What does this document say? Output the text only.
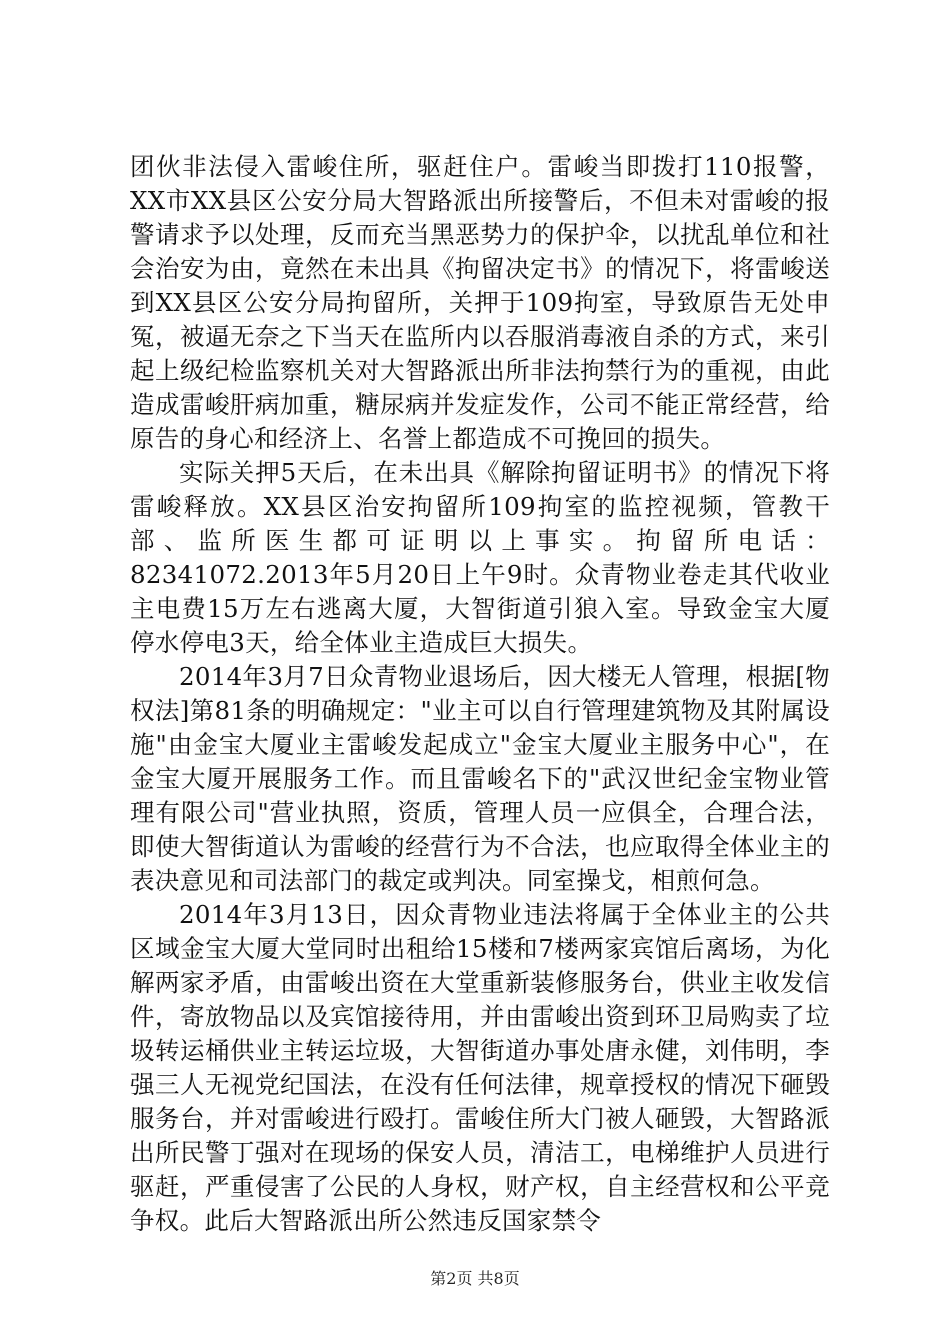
团伙非法侵入雷峻住所，驱赶住户。雷峻当即拨打110报警，XX市XX县区公安分局大智路派出所接警后，不但未对雷峻的报警请求予以处理，反而充当黑恶势力的保护伞，以扰乱单位和社会治安为由，竟然在未出具《拘留决定书》的情况下，将雷峻送到XX县区公安分局拘留所，关押于109拘室，导致原告无处申冤，被逼无奈之下当天在监所内以吞服消毒液自杀的方式，来引起上级纪检监察机关对大智路派出所非法拘禁行为的重视，由此造成雷峻肝病加重，糖尿病并发症发作，公司不能正常经营，给原告的身心和经济上、名誉上都造成不可挽回的损失。

实际关押5天后，在未出具《解除拘留证明书》的情况下将雷峻释放。XX县区治安拘留所109拘室的监控视频，管教干部、监所医生都可证明以上事实。拘留所电话：82341072.2013年5月20日上午9时。众青物业卷走其代收业主电费15万左右逃离大厦，大智街道引狼入室。导致金宝大厦停水停电3天，给全体业主造成巨大损失。

2014年3月7日众青物业退场后，因大楼无人管理，根据[物权法]第81条的明确规定："业主可以自行管理建筑物及其附属设施"由金宝大厦业主雷峻发起成立"金宝大厦业主服务中心"，在金宝大厦开展服务工作。而且雷峻名下的"武汉世纪金宝物业管理有限公司"营业执照，资质，管理人员一应俱全，合理合法，即使大智街道认为雷峻的经营行为不合法，也应取得全体业主的表决意见和司法部门的裁定或判决。同室操戈，相煎何急。

2014年3月13日，因众青物业违法将属于全体业主的公共区域金宝大厦大堂同时出租给15楼和7楼两家宾馆后离场，为化解两家矛盾，由雷峻出资在大堂重新装修服务台，供业主收发信件，寄放物品以及宾馆接待用，并由雷峻出资到环卫局购卖了垃圾转运桶供业主转运垃圾，大智街道办事处唐永健，刘伟明，李强三人无视党纪国法，在没有任何法律，规章授权的情况下砸毁服务台，并对雷峻进行殴打。雷峻住所大门被人砸毁，大智路派出所民警丁强对在现场的保安人员，清洁工，电梯维护人员进行驱赶，严重侵害了公民的人身权，财产权，自主经营权和公平竞争权。此后大智路派出所公然违反国家禁令

第2页 共8页
